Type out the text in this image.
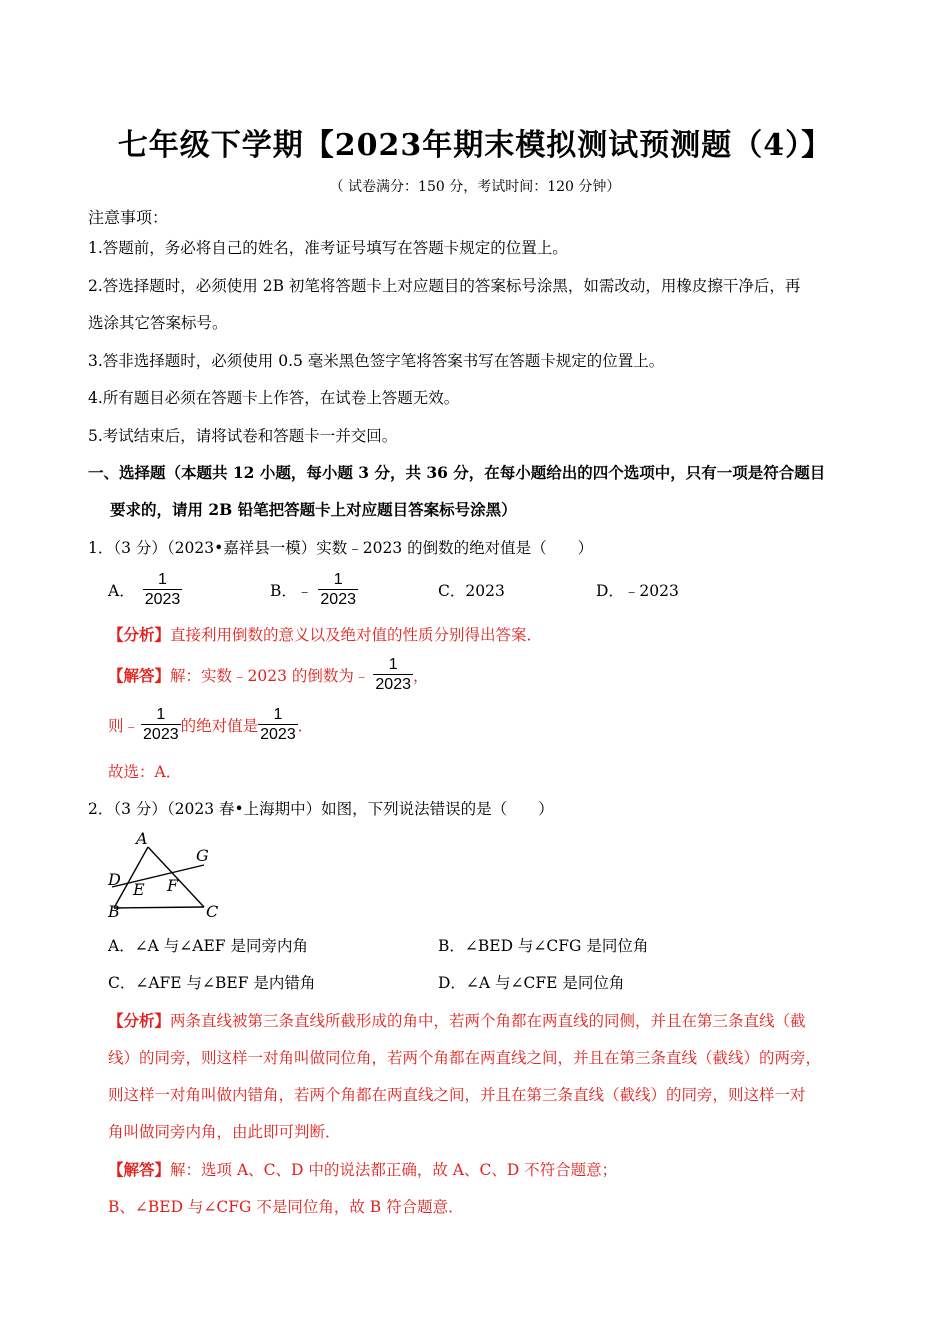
七年级下学期【2023年期末模拟测试预测题（4）】
（ 试卷满分：150 分，考试时间：120 分钟）
注意事项：
1.答题前，务必将自己的姓名，准考证号填写在答题卡规定的位置上。
2.答选择题时，必须使用 2B 初笔将答题卡上对应题目的答案标号涂黑，如需改动，用橡皮擦干净后，再
选涂其它答案标号。
3.答非选择题时，必须使用 0.5 毫米黑色签字笔将答案书写在答题卡规定的位置上。
4.所有题目必须在答题卡上作答，在试卷上答题无效。
5.考试结束后，请将试卷和答题卡一并交回。
一、选择题（本题共 12 小题，每小题 3 分，共 36 分，在每小题给出的四个选项中，只有一项是符合题目
要求的，请用 2B 铅笔把答题卡上对应题目答案标号涂黑）
1．（3 分）（2023•嘉祥县一模）实数﹣2023 的倒数的绝对值是（　　）
A． $\frac{1}{2023}$	B．﹣ $\frac{1}{2023}$	C．2023	D．﹣2023
【分析】直接利用倒数的意义以及绝对值的性质分别得出答案．
【解答】 解：实数﹣2023 的倒数为﹣ $\frac{1}{2023}$ ，
则﹣ $\frac{1}{2023}$ 的绝对值是 $\frac{1}{2023}$ ．
故选：A．
2．（3 分）（2023 春•上海期中）如图，下列说法错误的是（　　）
A
G
D
E F
B	C
A．∠A 与∠AEF 是同旁内角	B．∠BED 与∠CFG 是同位角
C．∠AFE 与∠BEF 是内错角	D．∠A 与∠CFE 是同位角
【分析】两条直线被第三条直线所截形成的角中，若两个角都在两直线的同侧，并且在第三条直线（截
线）的同旁，则这样一对角叫做同位角，若两个角都在两直线之间，并且在第三条直线（截线）的两旁，
则这样一对角叫做内错角，若两个角都在两直线之间，并且在第三条直线（截线）的同旁，则这样一对
角叫做同旁内角，由此即可判断．
【解答】解：选项 A、C、D 中的说法都正确，故 A、C、D 不符合题意；
B、∠BED 与∠CFG 不是同位角，故 B 符合题意．
